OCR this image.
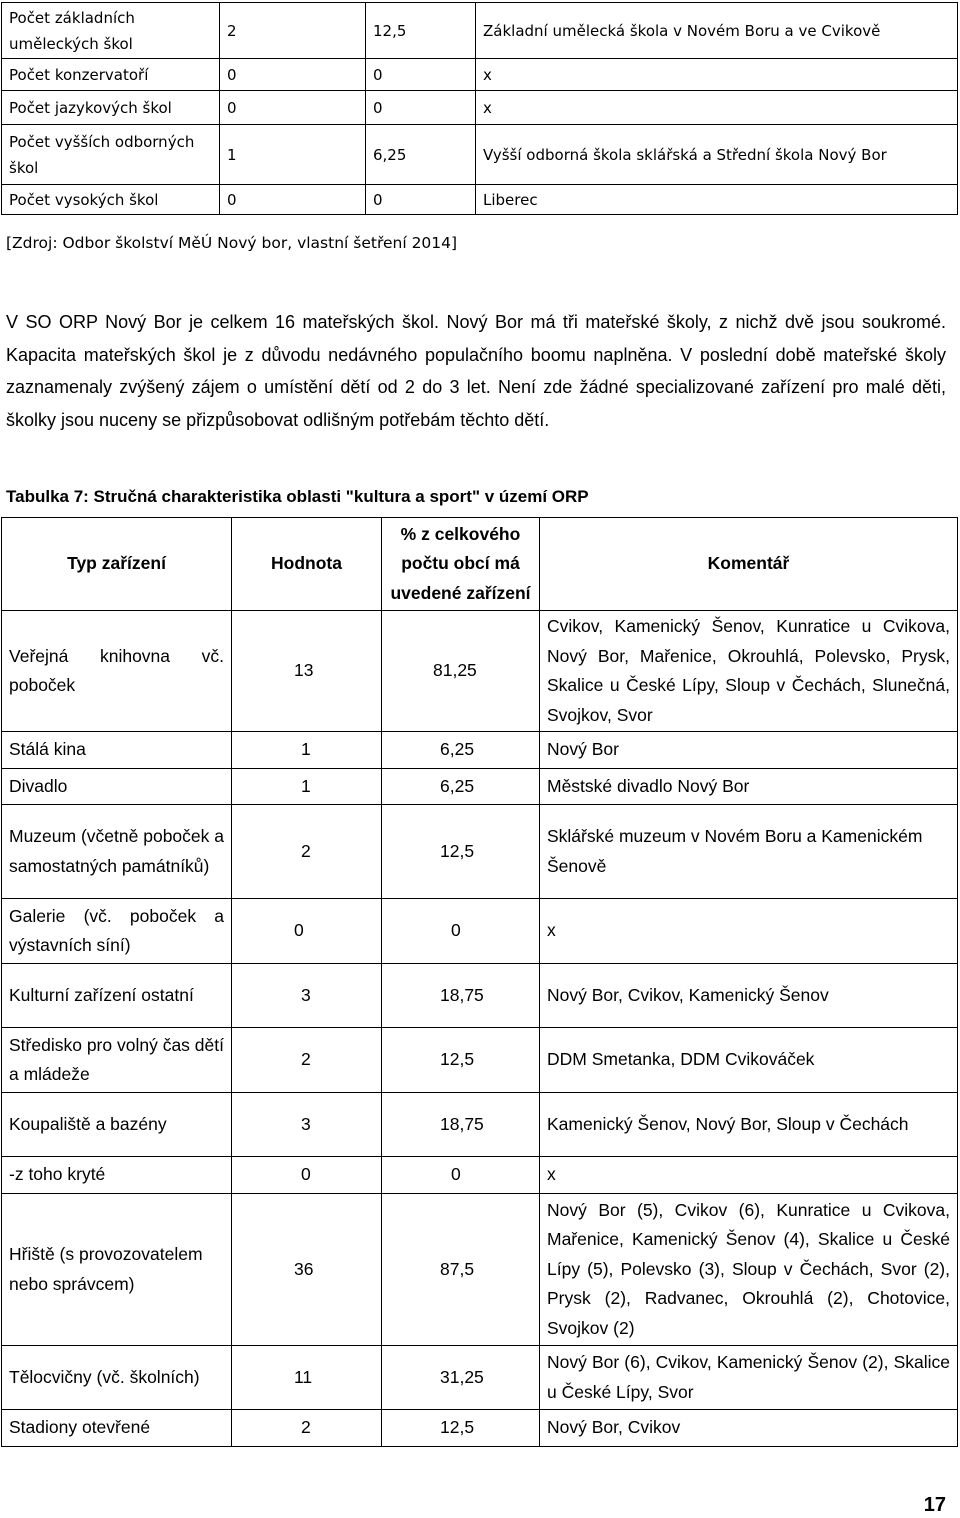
Počet základních uměleckých škol	2	12,5	Základní umělecká škola v Novém Boru a ve Cvikově
Počet konzervatoří	0	0	x
Počet jazykových škol	0	0	x
Počet vyšších odborných škol	1	6,25	Vyšší odborná škola sklářská a Střední škola Nový Bor
Počet vysokých škol	0	0	Liberec
[Zdroj: Odbor školství MěÚ Nový bor, vlastní šetření 2014]
V SO ORP Nový Bor je celkem 16 mateřských škol. Nový Bor má tři mateřské školy, z nichž dvě jsou soukromé. Kapacita mateřských škol je z důvodu nedávného populačního boomu naplněna. V poslední době mateřské školy zaznamenaly zvýšený zájem o umístění dětí od 2 do 3 let. Není zde žádné specializované zařízení pro malé děti, školky jsou nuceny se přizpůsobovat odlišným potřebám těchto dětí.
Tabulka 7: Stručná charakteristika oblasti "kultura a sport" v území ORP
Typ zařízení	Hodnota	% z celkového počtu obcí má uvedené zařízení	Komentář
Veřejná knihovna vč. poboček	13	81,25	Cvikov, Kamenický Šenov, Kunratice u Cvikova, Nový Bor, Mařenice, Okrouhlá, Polevsko, Prysk, Skalice u České Lípy, Sloup v Čechách, Slunečná, Svojkov, Svor
Stálá kina	1	6,25	Nový Bor
Divadlo	1	6,25	Městské divadlo Nový Bor
Muzeum (včetně poboček a samostatných památníků)	2	12,5	Sklářské muzeum v Novém Boru a Kamenickém Šenově
Galerie (vč. poboček a výstavních síní)	0	0	x
Kulturní zařízení ostatní	3	18,75	Nový Bor, Cvikov, Kamenický Šenov
Středisko pro volný čas dětí a mládeže	2	12,5	DDM Smetanka, DDM Cvikováček
Koupaliště a bazény	3	18,75	Kamenický Šenov, Nový Bor, Sloup v Čechách
-z toho kryté	0	0	x
Hřiště (s provozovatelem nebo správcem)	36	87,5	Nový Bor (5), Cvikov (6), Kunratice u Cvikova, Mařenice, Kamenický Šenov (4), Skalice u České Lípy (5), Polevsko (3), Sloup v Čechách, Svor (2), Prysk (2), Radvanec, Okrouhlá (2), Chotovice, Svojkov (2)
Tělocvičny (vč. školních)	11	31,25	Nový Bor (6), Cvikov, Kamenický Šenov (2), Skalice u České Lípy, Svor
Stadiony otevřené	2	12,5	Nový Bor, Cvikov
17
